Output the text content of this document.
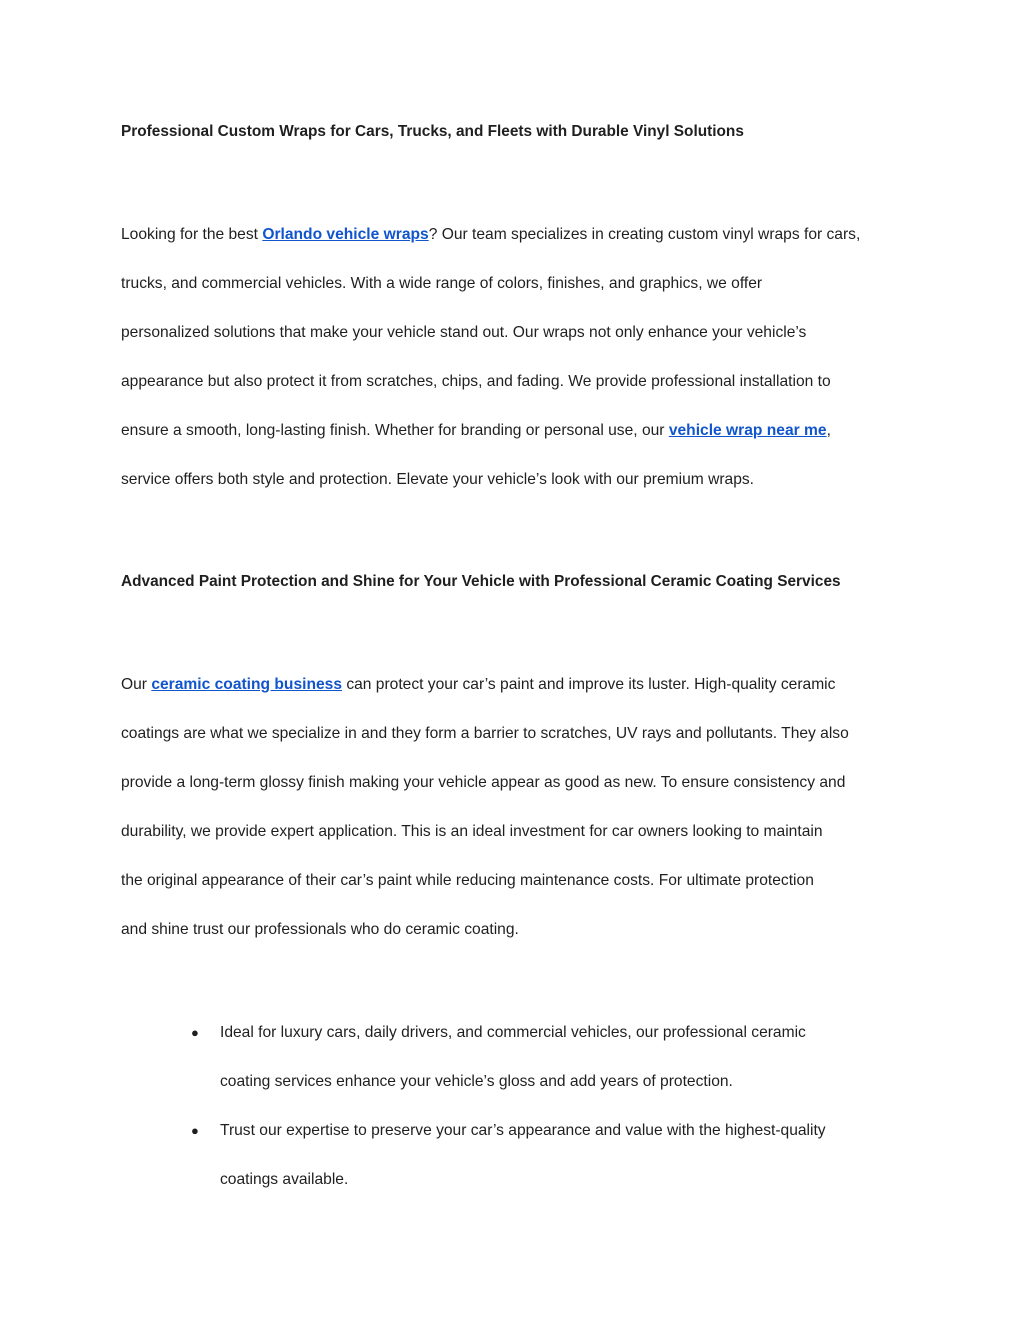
Professional Custom Wraps for Cars, Trucks, and Fleets with Durable Vinyl Solutions

Looking for the best Orlando vehicle wraps? Our team specializes in creating custom vinyl wraps for cars,
trucks, and commercial vehicles. With a wide range of colors, finishes, and graphics, we offer
personalized solutions that make your vehicle stand out. Our wraps not only enhance your vehicle’s
appearance but also protect it from scratches, chips, and fading. We provide professional installation to
ensure a smooth, long-lasting finish. Whether for branding or personal use, our vehicle wrap near me,
service offers both style and protection. Elevate your vehicle’s look with our premium wraps.

Advanced Paint Protection and Shine for Your Vehicle with Professional Ceramic Coating Services

Our ceramic coating business can protect your car’s paint and improve its luster. High-quality ceramic
coatings are what we specialize in and they form a barrier to scratches, UV rays and pollutants. They also
provide a long-term glossy finish making your vehicle appear as good as new. To ensure consistency and
durability, we provide expert application. This is an ideal investment for car owners looking to maintain
the original appearance of their car’s paint while reducing maintenance costs. For ultimate protection
and shine trust our professionals who do ceramic coating.

● Ideal for luxury cars, daily drivers, and commercial vehicles, our professional ceramic
coating services enhance your vehicle’s gloss and add years of protection.
● Trust our expertise to preserve your car’s appearance and value with the highest-quality
coatings available.
